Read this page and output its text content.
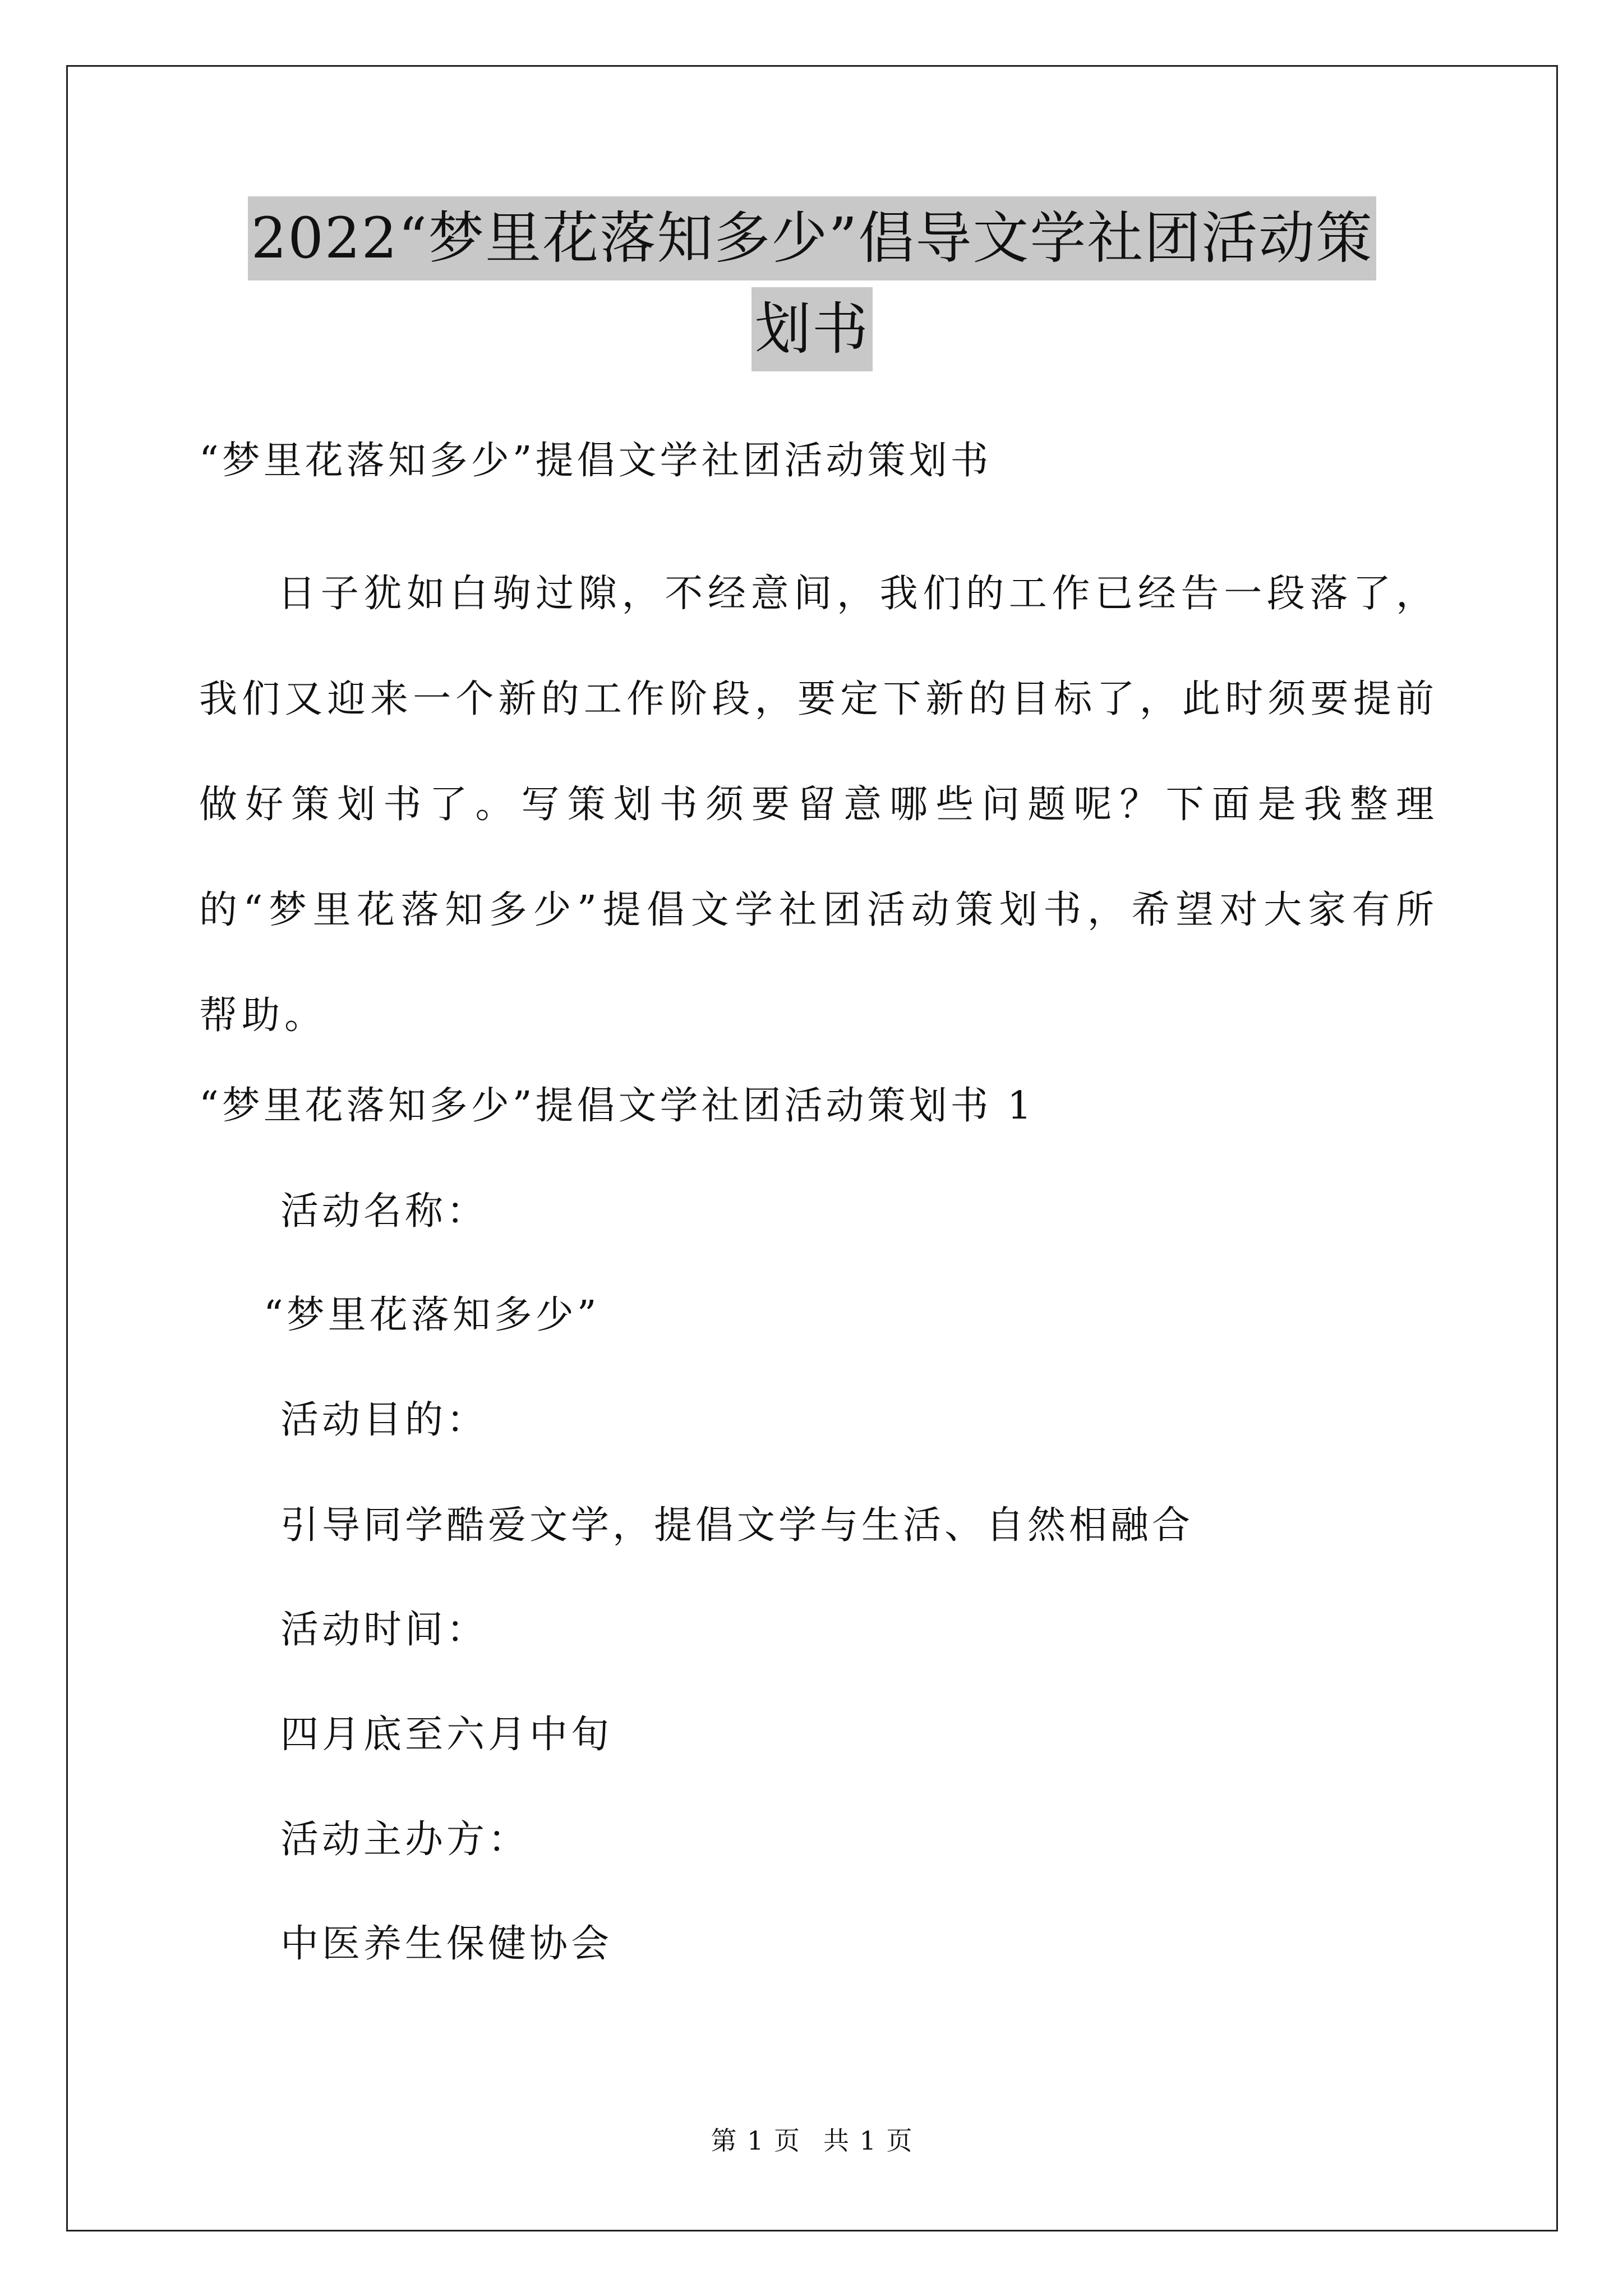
2022“梦里花落知多少”倡导文学社团活动策
划书
“梦里花落知多少”提倡文学社团活动策划书
日子犹如白驹过隙，不经意间，我们的工作已经告一段落了，我们又迎来一个新的工作阶段，要定下新的目标了，此时须要提前做好策划书了。写策划书须要留意哪些问题呢？下面是我整理的“梦里花落知多少”提倡文学社团活动策划书，希望对大家有所帮助。
“梦里花落知多少”提倡文学社团活动策划书 1
活动名称：
“梦里花落知多少”
活动目的：
引导同学酷爱文学，提倡文学与生活、自然相融合
活动时间：
四月底至六月中旬
活动主办方：
中医养生保健协会
第 1 页 共 1 页
